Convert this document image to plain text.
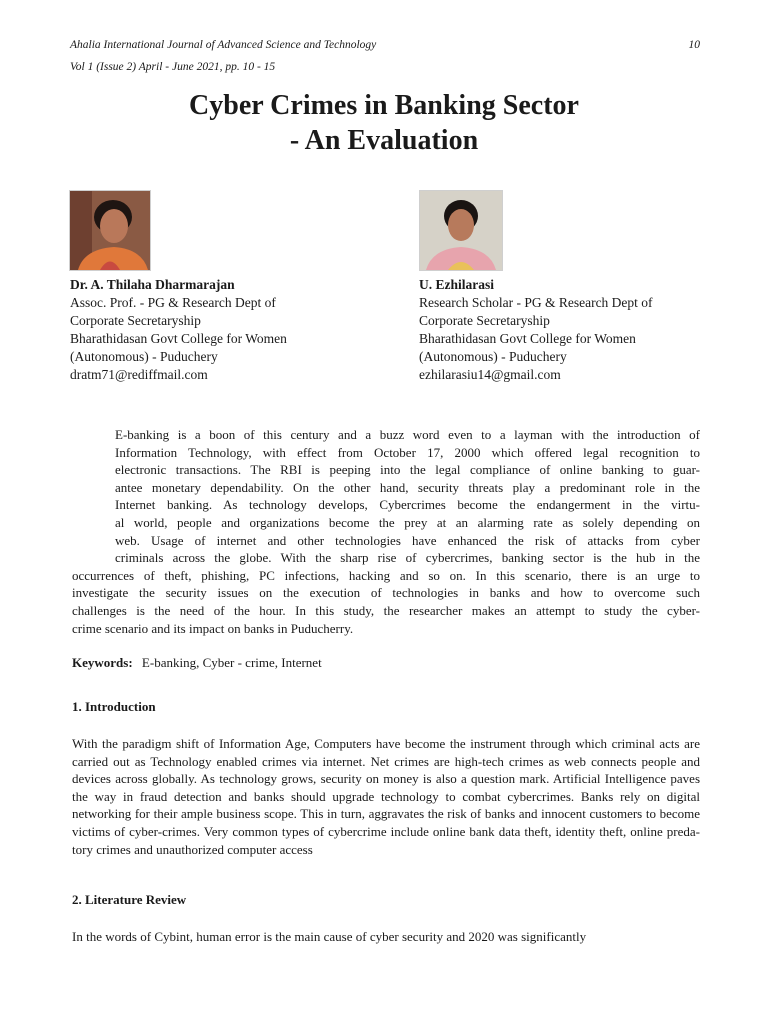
Ahalia International Journal of Advanced Science and Technology
Vol 1 (Issue 2) April - June 2021, pp. 10 - 15
10
Cyber Crimes in Banking Sector
- An Evaluation
Dr. A. Thilaha Dharmarajan
Assoc. Prof. - PG & Research Dept of
Corporate Secretaryship
Bharathidasan Govt College for Women
(Autonomous) - Puduchery
dratm71@rediffmail.com
U. Ezhilarasi
Research Scholar - PG & Research Dept of
Corporate Secretaryship
Bharathidasan Govt College for Women
(Autonomous) - Puduchery
ezhilarasiu14@gmail.com
E-banking is a boon of this century and a buzz word even to a layman with the introduction of
Information Technology, with effect from October 17, 2000 which offered legal recognition to
electronic transactions. The RBI is peeping into the legal compliance of online banking to guar-
antee monetary dependability. On the other hand, security threats play a predominant role in the
Internet banking. As technology develops, Cybercrimes become the endangerment in the virtu-
al world, people and organizations become the prey at an alarming rate as solely depending on
web. Usage of internet and other technologies have enhanced the risk of attacks from cyber
criminals across the globe. With the sharp rise of cybercrimes, banking sector is the hub in the
occurrences of theft, phishing, PC infections, hacking and so on. In this scenario, there is an urge to
investigate the security issues on the execution of technologies in banks and how to overcome such
challenges is the need of the hour. In this study, the researcher makes an attempt to study the cyber-
crime scenario and its impact on banks in Puducherry.
Keywords: E-banking, Cyber - crime, Internet
1. Introduction
With the paradigm shift of Information Age, Computers have become the instrument through which criminal acts are carried out as Technology enabled crimes via internet. Net crimes are high-tech crimes as web connects people and devices across globally. As technology grows, security on money is also a question mark. Artificial Intelligence paves the way in fraud detection and banks should upgrade technology to combat cybercrimes. Banks rely on digital networking for their ample business scope. This in turn, aggravates the risk of banks and innocent customers to become victims of cyber-crimes. Very common types of cybercrime include online bank data theft, identity theft, online preda-tory crimes and unauthorized computer access
2. Literature Review
In the words of Cybint, human error is the main cause of cyber security and 2020 was significantly
